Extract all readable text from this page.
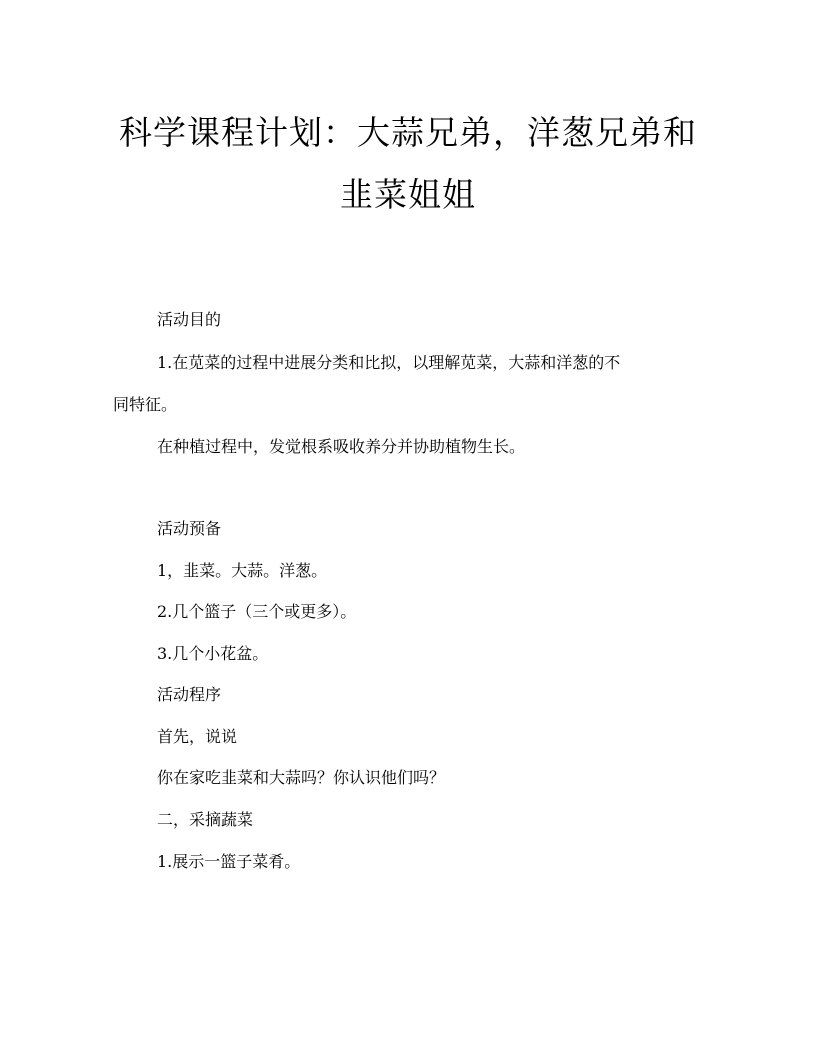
科学课程计划：大蒜兄弟，洋葱兄弟和
韭菜姐姐

活动目的

1.在苋菜的过程中进展分类和比拟，以理解苋菜，大蒜和洋葱的不

同特征。

在种植过程中，发觉根系吸收养分并协助植物生长。

活动预备

1，韭菜。大蒜。洋葱。

2.几个篮子（三个或更多）。

3.几个小花盆。

活动程序

首先，说说

你在家吃韭菜和大蒜吗？你认识他们吗？

二，采摘蔬菜

1.展示一篮子菜肴。
